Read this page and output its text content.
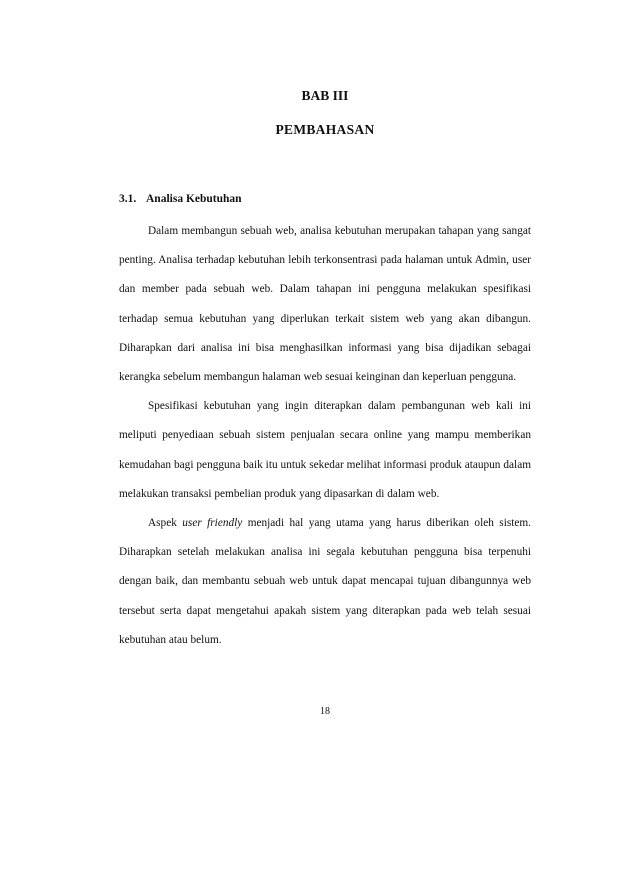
BAB III
PEMBAHASAN
3.1. Analisa Kebutuhan

Dalam membangun sebuah web, analisa kebutuhan merupakan tahapan yang sangat penting. Analisa terhadap kebutuhan lebih terkonsentrasi pada halaman untuk Admin, user dan member pada sebuah web. Dalam tahapan ini pengguna melakukan spesifikasi terhadap semua kebutuhan yang diperlukan terkait sistem web yang akan dibangun. Diharapkan dari analisa ini bisa menghasilkan informasi yang bisa dijadikan sebagai kerangka sebelum membangun halaman web sesuai keinginan dan keperluan pengguna.

Spesifikasi kebutuhan yang ingin diterapkan dalam pembangunan web kali ini meliputi penyediaan sebuah sistem penjualan secara online yang mampu memberikan kemudahan bagi pengguna baik itu untuk sekedar melihat informasi produk ataupun dalam melakukan transaksi pembelian produk yang dipasarkan di dalam web.

Aspek user friendly menjadi hal yang utama yang harus diberikan oleh sistem. Diharapkan setelah melakukan analisa ini segala kebutuhan pengguna bisa terpenuhi dengan baik, dan membantu sebuah web untuk dapat mencapai tujuan dibangunnya web tersebut serta dapat mengetahui apakah sistem yang diterapkan pada web telah sesuai kebutuhan atau belum.

18
